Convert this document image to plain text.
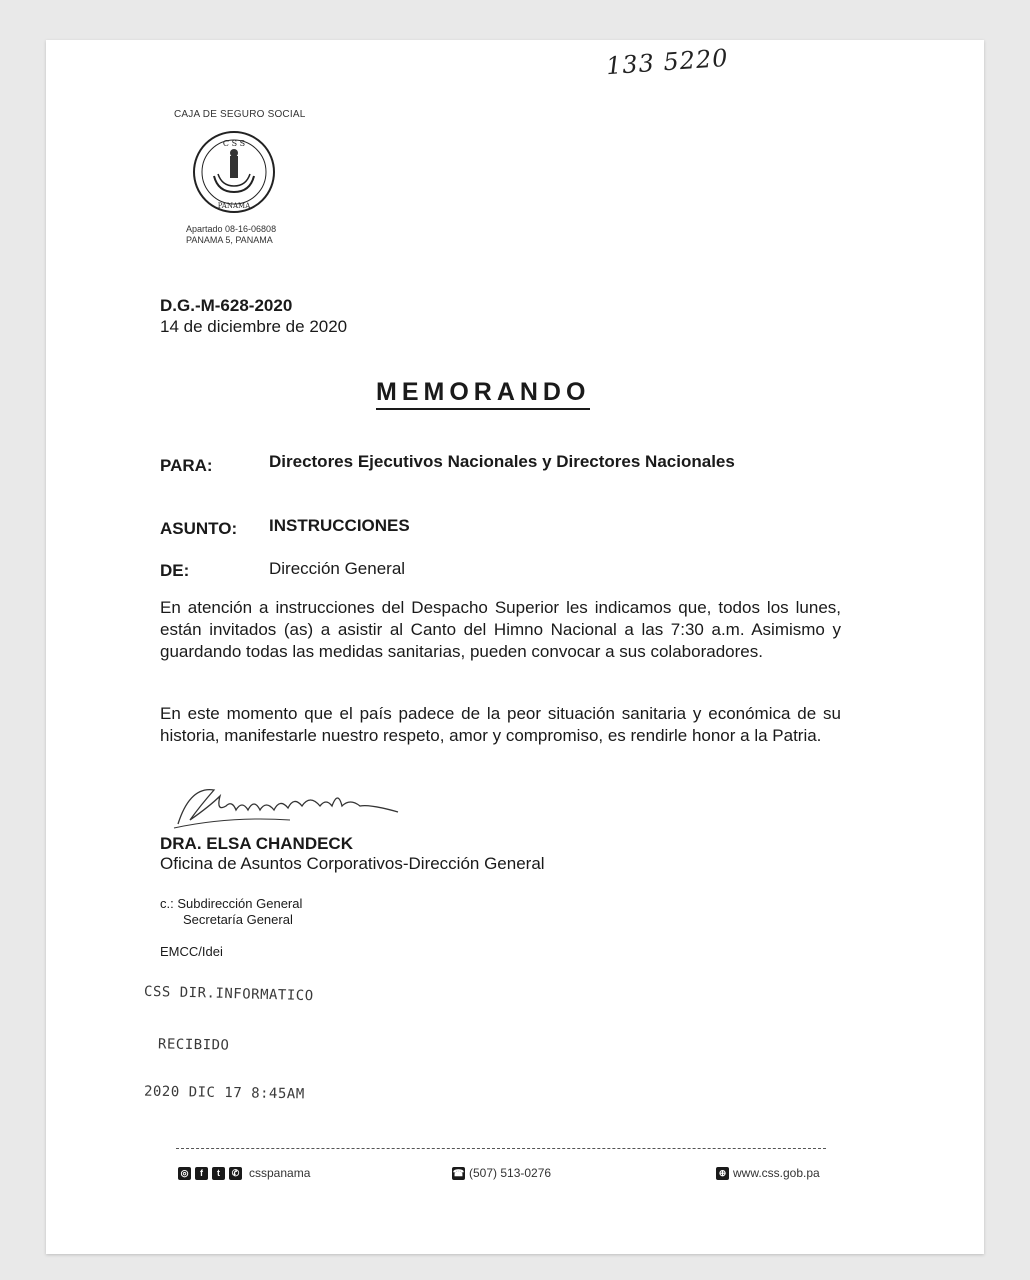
133 5220
CAJA DE SEGURO SOCIAL
C S S
PANAMA
Apartado 08-16-06808
PANAMA 5, PANAMA
D.G.-M-628-2020
14 de diciembre de 2020
MEMORANDO
PARA:	Directores Ejecutivos Nacionales y Directores Nacionales
ASUNTO: INSTRUCCIONES
DE:	Dirección General
En atención a instrucciones del Despacho Superior les indicamos que, todos los lunes, están invitados (as) a asistir al Canto del Himno Nacional a las 7:30 a.m. Asimismo y guardando todas las medidas sanitarias, pueden convocar a sus colaboradores.
En este momento que el país padece de la peor situación sanitaria y económica de su historia, manifestarle nuestro respeto, amor y compromiso, es rendirle honor a la Patria.
DRA. ELSA CHANDECK
Oficina de Asuntos Corporativos-Dirección General
c.: Subdirección General
Secretaría General
EMCC/Idei
CSS DIR.INFORMATICO
RECIBIDO
2020 DIC 17 8:45AM
◎	f	t	✆ csspanama	☎ (507) 513-0276	⊕ www.css.gob.pa
